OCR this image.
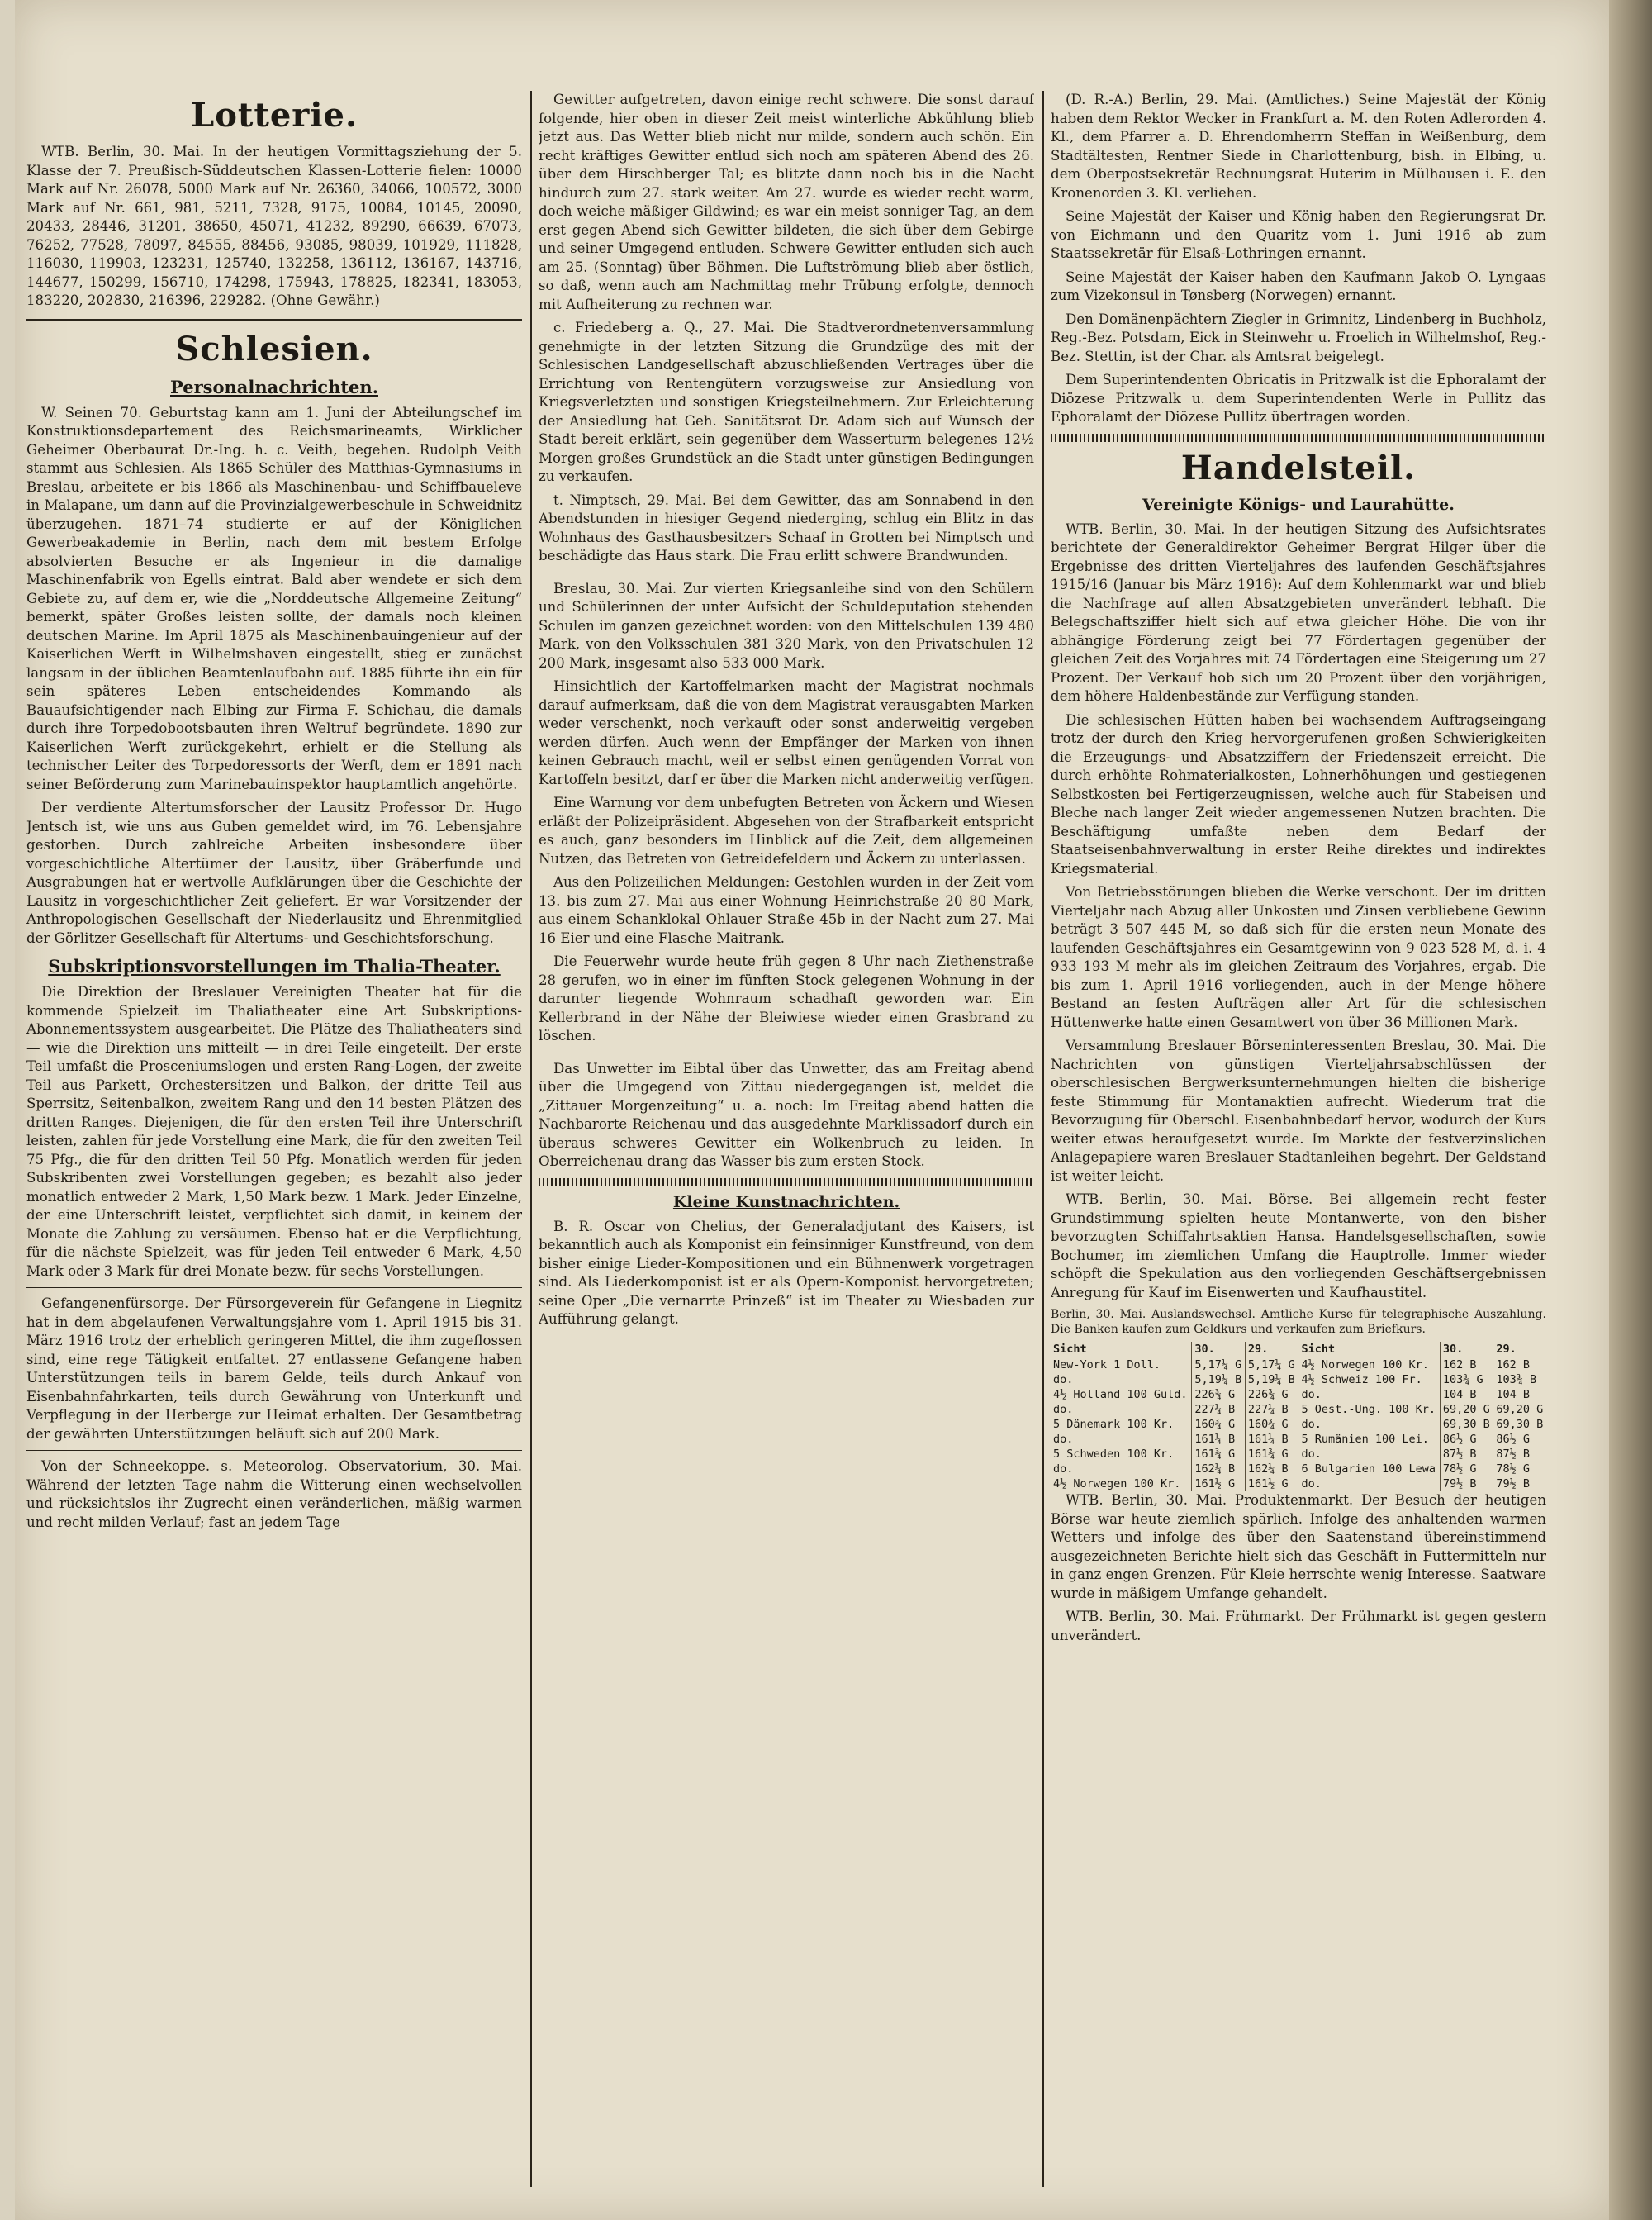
Lotterie.

WTB. Berlin, 30. Mai. In der heutigen Vormittagsziehung der 5. Klasse der 7. Preußisch-Süddeutschen Klassen-Lotterie fielen: 10000 Mark auf Nr. 26078, 5000 Mark auf Nr. 26360, 34066, 100572, 3000 Mark auf Nr. 661, 981, 5211, 7328, 9175, 10084, 10145, 20090, 20433, 28446, 31201, 38650, 45071, 41232, 89290, 66639, 67073, 76252, 77528, 78097, 84555, 88456, 93085, 98039, 101929, 111828, 116030, 119903, 123231, 125740, 132258, 136112, 136167, 143716, 144677, 150299, 156710, 174298, 175943, 178825, 182341, 183053, 183220, 202830, 216396, 229282. (Ohne Gewähr.)

Schlesien.
Personalnachrichten.

W. Seinen 70. Geburtstag kann am 1. Juni der Abteilungschef im Konstruktionsdepartement des Reichsmarineamts, Wirklicher Geheimer Oberbaurat Dr.-Ing. h. c. Veith, begehen. Rudolph Veith stammt aus Schlesien. Als 1865 Schüler des Matthias-Gymnasiums in Breslau, arbeitete er bis 1866 als Maschinenbau- und Schiffbaueleve in Malapane, um dann auf die Provinzialgewerbeschule in Schweidnitz überzugehen. 1871–74 studierte er auf der Königlichen Gewerbeakademie in Berlin, nach dem mit bestem Erfolge absolvierten Besuche er als Ingenieur in die damalige Maschinenfabrik von Egells eintrat. Bald aber wendete er sich dem Gebiete zu, auf dem er, wie die „Norddeutsche Allgemeine Zeitung“ bemerkt, später Großes leisten sollte, der damals noch kleinen deutschen Marine. Im April 1875 als Maschinenbauingenieur auf der Kaiserlichen Werft in Wilhelmshaven eingestellt, stieg er zunächst langsam in der üblichen Beamtenlaufbahn auf. 1885 führte ihn ein für sein späteres Leben entscheidendes Kommando als Bauaufsichtigender nach Elbing zur Firma F. Schichau, die damals durch ihre Torpedobootsbauten ihren Weltruf begründete. 1890 zur Kaiserlichen Werft zurückgekehrt, erhielt er die Stellung als technischer Leiter des Torpedoressorts der Werft, dem er 1891 nach seiner Beförderung zum Marinebauinspektor hauptamtlich angehörte.

Der verdiente Altertumsforscher der Lausitz Professor Dr. Hugo Jentsch ist, wie uns aus Guben gemeldet wird, im 76. Lebensjahre gestorben. Durch zahlreiche Arbeiten insbesondere über vorgeschichtliche Altertümer der Lausitz, über Gräberfunde und Ausgrabungen hat er wertvolle Aufklärungen über die Geschichte der Lausitz in vorgeschichtlicher Zeit geliefert. Er war Vorsitzender der Anthropologischen Gesellschaft der Niederlausitz und Ehrenmitglied der Görlitzer Gesellschaft für Altertums- und Geschichtsforschung.

Subskriptionsvorstellungen im Thalia-Theater.

Die Direktion der Breslauer Vereinigten Theater hat für die kommende Spielzeit im Thaliatheater eine Art Subskriptions-Abonnementssystem ausgearbeitet. Die Plätze des Thaliatheaters sind — wie die Direktion uns mitteilt — in drei Teile eingeteilt. Der erste Teil umfaßt die Prosceniumslogen und ersten Rang-Logen, der zweite Teil aus Parkett, Orchestersitzen und Balkon, der dritte Teil aus Sperrsitz, Seitenbalkon, zweitem Rang und den 14 besten Plätzen des dritten Ranges. Diejenigen, die für den ersten Teil ihre Unterschrift leisten, zahlen für jede Vorstellung eine Mark, die für den zweiten Teil 75 Pfg., die für den dritten Teil 50 Pfg. Monatlich werden für jeden Subskribenten zwei Vorstellungen gegeben; es bezahlt also jeder monatlich entweder 2 Mark, 1,50 Mark bezw. 1 Mark. Jeder Einzelne, der eine Unterschrift leistet, verpflichtet sich damit, in keinem der Monate die Zahlung zu versäumen. Ebenso hat er die Verpflichtung, für die nächste Spielzeit, was für jeden Teil entweder 6 Mark, 4,50 Mark oder 3 Mark für drei Monate bezw. für sechs Vorstellungen.

Gefangenenfürsorge. Der Fürsorgeverein für Gefangene in Liegnitz hat in dem abgelaufenen Verwaltungsjahre vom 1. April 1915 bis 31. März 1916 trotz der erheblich geringeren Mittel, die ihm zugeflossen sind, eine rege Tätigkeit entfaltet. 27 entlassene Gefangene haben Unterstützungen teils in barem Gelde, teils durch Ankauf von Eisenbahnfahrkarten, teils durch Gewährung von Unterkunft und Verpflegung in der Herberge zur Heimat erhalten. Der Gesamtbetrag der gewährten Unterstützungen beläuft sich auf 200 Mark.

Von der Schneekoppe. s. Meteorolog. Observatorium, 30. Mai. Während der letzten Tage nahm die Witterung einen wechselvollen und rücksichtslos ihr Zugrecht einen veränderlichen, mäßig warmen und recht milden Verlauf; fast an jedem Tage

Gewitter aufgetreten, davon einige recht schwere. Die sonst darauf folgende, hier oben in dieser Zeit meist winterliche Abkühlung blieb jetzt aus. Das Wetter blieb nicht nur milde, sondern auch schön. Ein recht kräftiges Gewitter entlud sich noch am späteren Abend des 26. über dem Hirschberger Tal; es blitzte dann noch bis in die Nacht hindurch zum 27. stark weiter. Am 27. wurde es wieder recht warm, doch weiche mäßiger Gildwind; es war ein meist sonniger Tag, an dem erst gegen Abend sich Gewitter bildeten, die sich über dem Gebirge und seiner Umgegend entluden. Schwere Gewitter entluden sich auch am 25. (Sonntag) über Böhmen. Die Luftströmung blieb aber östlich, so daß, wenn auch am Nachmittag mehr Trübung erfolgte, dennoch mit Aufheiterung zu rechnen war.

c. Friedeberg a. Q., 27. Mai. Die Stadtverordnetenversammlung genehmigte in der letzten Sitzung die Grundzüge des mit der Schlesischen Landgesellschaft abzuschließenden Vertrages über die Errichtung von Rentengütern vorzugsweise zur Ansiedlung von Kriegsverletzten und sonstigen Kriegsteilnehmern. Zur Erleichterung der Ansiedlung hat Geh. Sanitätsrat Dr. Adam sich auf Wunsch der Stadt bereit erklärt, sein gegenüber dem Wasserturm belegenes 12½ Morgen großes Grundstück an die Stadt unter günstigen Bedingungen zu verkaufen.

t. Nimptsch, 29. Mai. Bei dem Gewitter, das am Sonnabend in den Abendstunden in hiesiger Gegend niederging, schlug ein Blitz in das Wohnhaus des Gasthausbesitzers Schaaf in Grotten bei Nimptsch und beschädigte das Haus stark. Die Frau erlitt schwere Brandwunden.

Breslau, 30. Mai. Zur vierten Kriegsanleihe sind von den Schülern und Schülerinnen der unter Aufsicht der Schuldeputation stehenden Schulen im ganzen gezeichnet worden: von den Mittelschulen 139 480 Mark, von den Volksschulen 381 320 Mark, von den Privatschulen 12 200 Mark, insgesamt also 533 000 Mark.

Hinsichtlich der Kartoffelmarken macht der Magistrat nochmals darauf aufmerksam, daß die von dem Magistrat verausgabten Marken weder verschenkt, noch verkauft oder sonst anderweitig vergeben werden dürfen. Auch wenn der Empfänger der Marken von ihnen keinen Gebrauch macht, weil er selbst einen genügenden Vorrat von Kartoffeln besitzt, darf er über die Marken nicht anderweitig verfügen.

Eine Warnung vor dem unbefugten Betreten von Äckern und Wiesen erläßt der Polizeipräsident. Abgesehen von der Strafbarkeit entspricht es auch, ganz besonders im Hinblick auf die Zeit, dem allgemeinen Nutzen, das Betreten von Getreidefeldern und Äckern zu unterlassen.

Aus den Polizeilichen Meldungen: Gestohlen wurden in der Zeit vom 13. bis zum 27. Mai aus einer Wohnung Heinrichstraße 20 80 Mark, aus einem Schanklokal Ohlauer Straße 45b in der Nacht zum 27. Mai 16 Eier und eine Flasche Maitrank.

Die Feuerwehr wurde heute früh gegen 8 Uhr nach Ziethenstraße 28 gerufen, wo in einer im fünften Stock gelegenen Wohnung in der darunter liegende Wohnraum schadhaft geworden war. Ein Kellerbrand in der Nähe der Bleiwiese wieder einen Grasbrand zu löschen.

Das Unwetter im Eibtal über das Unwetter, das am Freitag abend über die Umgegend von Zittau niedergegangen ist, meldet die „Zittauer Morgenzeitung“ u. a. noch: Im Freitag abend hatten die Nachbarorte Reichenau und das ausgedehnte Marklissadorf durch ein überaus schweres Gewitter ein Wolkenbruch zu leiden. In Oberreichenau drang das Wasser bis zum ersten Stock.

Kleine Kunstnachrichten.

B. R. Oscar von Chelius, der Generaladjutant des Kaisers, ist bekanntlich auch als Komponist ein feinsinniger Kunstfreund, von dem bisher einige Lieder-Kompositionen und ein Bühnenwerk vorgetragen sind. Als Liederkomponist ist er als Opern-Komponist hervorgetreten; seine Oper „Die vernarrte Prinzeß“ ist im Theater zu Wiesbaden zur Aufführung gelangt.

(D. R.-A.) Berlin, 29. Mai. (Amtliches.) Seine Majestät der König haben dem Rektor Wecker in Frankfurt a. M. den Roten Adlerorden 4. Kl., dem Pfarrer a. D. Ehrendomherrn Steffan in Weißenburg, dem Stadtältesten, Rentner Siede in Charlottenburg, bish. in Elbing, u. dem Oberpostsekretär Rechnungsrat Huterim in Mülhausen i. E. den Kronenorden 3. Kl. verliehen.

Seine Majestät der Kaiser und König haben den Regierungsrat Dr. von Eichmann und den Quaritz vom 1. Juni 1916 ab zum Staatssekretär für Elsaß-Lothringen ernannt.

Seine Majestät der Kaiser haben den Kaufmann Jakob O. Lyngaas zum Vizekonsul in Tønsberg (Norwegen) ernannt.

Den Domänenpächtern Ziegler in Grimnitz, Lindenberg in Buchholz, Reg.-Bez. Potsdam, Eick in Steinwehr u. Froelich in Wilhelmshof, Reg.-Bez. Stettin, ist der Char. als Amtsrat beigelegt.

Dem Superintendenten Obricatis in Pritzwalk ist die Ephoralamt der Diözese Pritzwalk u. dem Superintendenten Werle in Pullitz das Ephoralamt der Diözese Pullitz übertragen worden.

Handelsteil.
Vereinigte Königs- und Laurahütte.

WTB. Berlin, 30. Mai. In der heutigen Sitzung des Aufsichtsrates berichtete der Generaldirektor Geheimer Bergrat Hilger über die Ergebnisse des dritten Vierteljahres des laufenden Geschäftsjahres 1915/16 (Januar bis März 1916): Auf dem Kohlenmarkt war und blieb die Nachfrage auf allen Absatzgebieten unverändert lebhaft. Die Belegschaftsziffer hielt sich auf etwa gleicher Höhe. Die von ihr abhängige Förderung zeigt bei 77 Fördertagen gegenüber der gleichen Zeit des Vorjahres mit 74 Fördertagen eine Steigerung um 27 Prozent. Der Verkauf hob sich um 20 Prozent über den vorjährigen, dem höhere Haldenbestände zur Verfügung standen.

Die schlesischen Hütten haben bei wachsendem Auftragseingang trotz der durch den Krieg hervorgerufenen großen Schwierigkeiten die Erzeugungs- und Absatzziffern der Friedenszeit erreicht. Die durch erhöhte Rohmaterialkosten, Lohnerhöhungen und gestiegenen Selbstkosten bei Fertigerzeugnissen, welche auch für Stabeisen und Bleche nach langer Zeit wieder angemessenen Nutzen brachten. Die Beschäftigung umfaßte neben dem Bedarf der Staatseisenbahnverwaltung in erster Reihe direktes und indirektes Kriegsmaterial.

Von Betriebsstörungen blieben die Werke verschont. Der im dritten Vierteljahr nach Abzug aller Unkosten und Zinsen verbliebene Gewinn beträgt 3 507 445 M, so daß sich für die ersten neun Monate des laufenden Geschäftsjahres ein Gesamtgewinn von 9 023 528 M, d. i. 4 933 193 M mehr als im gleichen Zeitraum des Vorjahres, ergab. Die bis zum 1. April 1916 vorliegenden, auch in der Menge höhere Bestand an festen Aufträgen aller Art für die schlesischen Hüttenwerke hatte einen Gesamtwert von über 36 Millionen Mark.

Versammlung Breslauer Börseninteressenten Breslau, 30. Mai. Die Nachrichten von günstigen Vierteljahrsabschlüssen der oberschlesischen Bergwerksunternehmungen hielten die bisherige feste Stimmung für Montanaktien aufrecht. Wiederum trat die Bevorzugung für Oberschl. Eisenbahnbedarf hervor, wodurch der Kurs weiter etwas heraufgesetzt wurde. Im Markte der festverzinslichen Anlagepapiere waren Breslauer Stadtanleihen begehrt. Der Geldstand ist weiter leicht.

WTB. Berlin, 30. Mai. Börse. Bei allgemein recht fester Grundstimmung spielten heute Montanwerte, von den bisher bevorzugten Schiffahrtsaktien Hansa. Handelsgesellschaften, sowie Bochumer, im ziemlichen Umfang die Hauptrolle. Immer wieder schöpft die Spekulation aus den vorliegenden Geschäftsergebnissen Anregung für Kauf im Eisenwerten und Kaufhaustitel.

Berlin, 30. Mai. Auslandswechsel. Amtliche Kurse für telegraphische Auszahlung. Die Banken kaufen zum Geldkurs und verkaufen zum Briefkurs.

Sicht	30.	29.	Sicht	30.	29.
New-York 1 Doll.	5,17¼ G	5,17¼ G	4½ Norwegen 100 Kr.	162 B	162 B
do.	5,19¼ B	5,19¼ B	4½ Schweiz 100 Fr.	103¾ G	103¾ B
4½ Holland 100 Guld.	226¾ G	226¾ G	do.	104 B	104 B
do.	227¼ B	227¼ B	5 Oest.-Ung. 100 Kr.	69,20 G	69,20 G
5 Dänemark 100 Kr.	160¾ G	160¾ G	do.	69,30 B	69,30 B
do.	161¼ B	161¼ B	5 Rumänien 100 Lei.	86½ G	86½ G
5 Schweden 100 Kr.	161¾ G	161¾ G	do.	87½ B	87½ B
do.	162¼ B	162¼ B	6 Bulgarien 100 Lewa	78½ G	78½ G
4½ Norwegen 100 Kr.	161½ G	161½ G	do.	79½ B	79½ B

WTB. Berlin, 30. Mai. Produktenmarkt. Der Besuch der heutigen Börse war heute ziemlich spärlich. Infolge des anhaltenden warmen Wetters und infolge des über den Saatenstand übereinstimmend ausgezeichneten Berichte hielt sich das Geschäft in Futtermitteln nur in ganz engen Grenzen. Für Kleie herrschte wenig Interesse. Saatware wurde in mäßigem Umfange gehandelt.

WTB. Berlin, 30. Mai. Frühmarkt. Der Frühmarkt ist gegen gestern unverändert.
